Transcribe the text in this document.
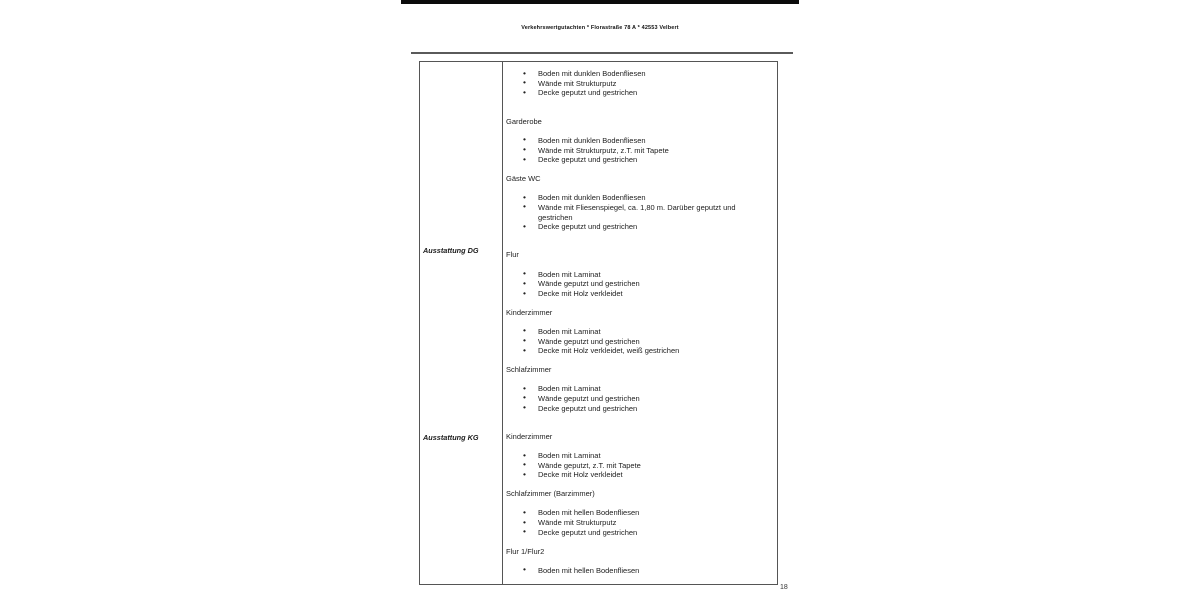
Verkehrswertgutachten * Florastraße 78 A * 42553 Velbert
Ausstattung DG
Ausstattung KG
• Boden mit dunklen Bodenfliesen
• Wände mit Strukturputz
• Decke geputzt und gestrichen
Garderobe
• Boden mit dunklen Bodenfliesen
• Wände mit Strukturputz, z.T. mit Tapete
• Decke geputzt und gestrichen
Gäste WC
• Boden mit dunklen Bodenfliesen
• Wände mit Fliesenspiegel, ca. 1,80 m. Darüber geputzt und gestrichen
• Decke geputzt und gestrichen
Flur
• Boden mit Laminat
• Wände geputzt und gestrichen
• Decke mit Holz verkleidet
Kinderzimmer
• Boden mit Laminat
• Wände geputzt und gestrichen
• Decke mit Holz verkleidet, weiß gestrichen
Schlafzimmer
• Boden mit Laminat
• Wände geputzt und gestrichen
• Decke geputzt und gestrichen
Kinderzimmer
• Boden mit Laminat
• Wände geputzt, z.T. mit Tapete
• Decke mit Holz verkleidet
Schlafzimmer (Barzimmer)
• Boden mit hellen Bodenfliesen
• Wände mit Strukturputz
• Decke geputzt und gestrichen
Flur 1/Flur2
• Boden mit hellen Bodenfliesen
18
